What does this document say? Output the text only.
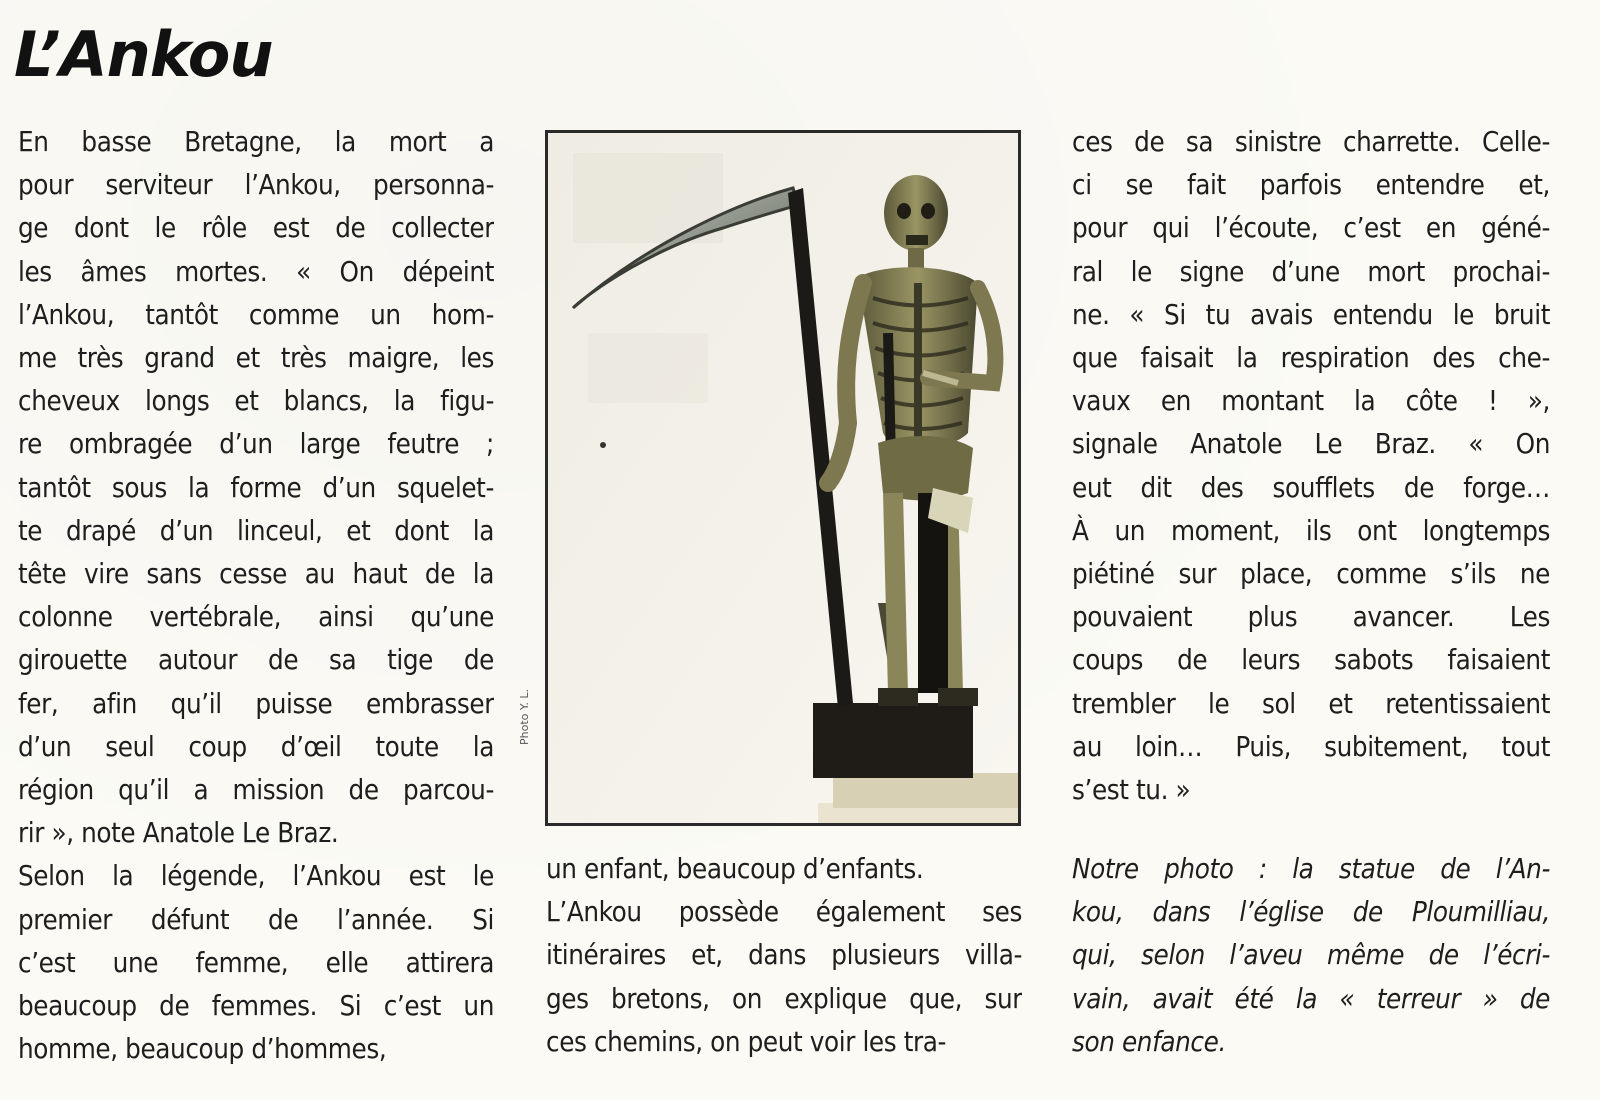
L’Ankou
En basse Bretagne, la mort a
pour serviteur l’Ankou, personna-
ge dont le rôle est de collecter
les âmes mortes. « On dépeint
l’Ankou, tantôt comme un hom-
me très grand et très maigre, les
cheveux longs et blancs, la figu-
re ombragée d’un large feutre ;
tantôt sous la forme d’un squelet-
te drapé d’un linceul, et dont la
tête vire sans cesse au haut de la
colonne vertébrale, ainsi qu’une
girouette autour de sa tige de
fer, afin qu’il puisse embrasser
d’un seul coup d’œil toute la
région qu’il a mission de parcou-
rir », note Anatole Le Braz.
Selon la légende, l’Ankou est le
premier défunt de l’année. Si
c’est une femme, elle attirera
beaucoup de femmes. Si c’est un
homme, beaucoup d’hommes,
Photo Y. L.
un enfant, beaucoup d’enfants.
L’Ankou possède également ses
itinéraires et, dans plusieurs villa-
ges bretons, on explique que, sur
ces chemins, on peut voir les tra-
ces de sa sinistre charrette. Celle-
ci se fait parfois entendre et,
pour qui l’écoute, c’est en géné-
ral le signe d’une mort prochai-
ne. « Si tu avais entendu le bruit
que faisait la respiration des che-
vaux en montant la côte ! »,
signale Anatole Le Braz. « On
eut dit des soufflets de forge…
À un moment, ils ont longtemps
piétiné sur place, comme s’ils ne
pouvaient plus avancer. Les
coups de leurs sabots faisaient
trembler le sol et retentissaient
au loin… Puis, subitement, tout
s’est tu. »
Notre photo : la statue de l’An-
kou, dans l’église de Ploumilliau,
qui, selon l’aveu même de l’écri-
vain, avait été la « terreur » de
son enfance.
